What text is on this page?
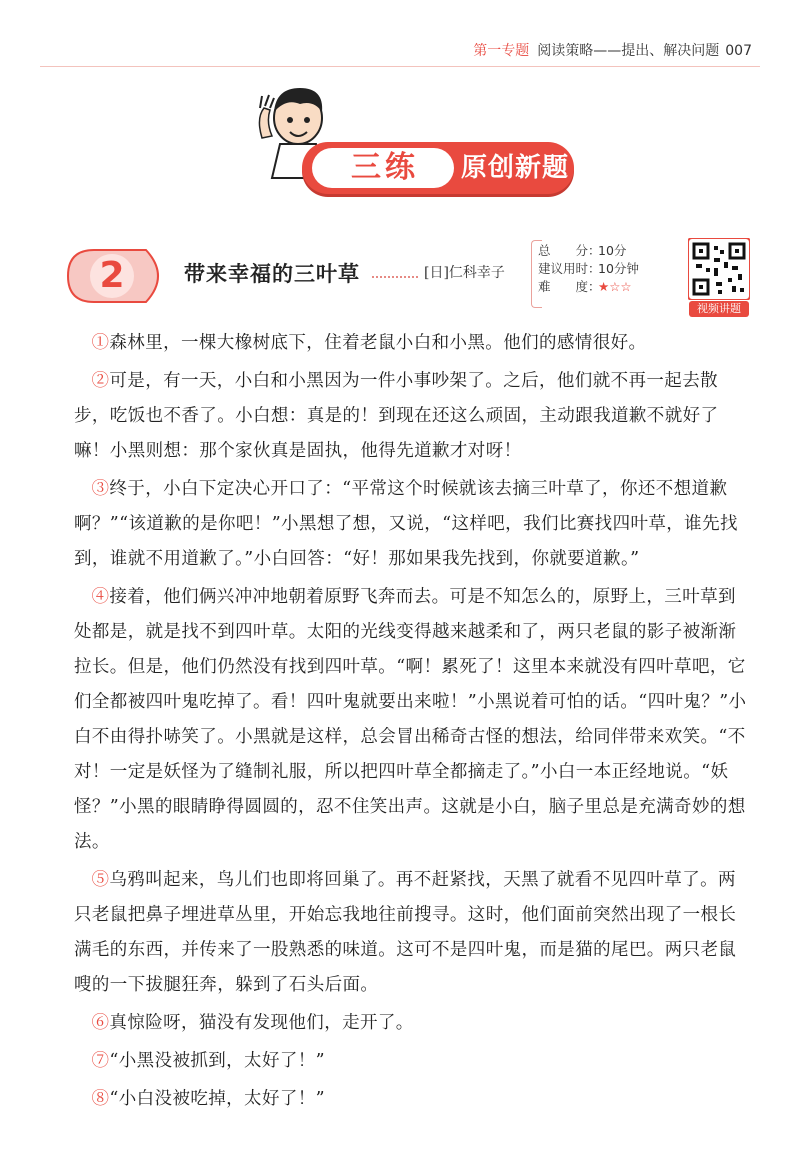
第一专题 阅读策略——提出、解决问题 007
三练	原创新题
2	带来幸福的三叶草	[日]仁科幸子
总　　分：10分
建议用时：10分钟
难　　度：★☆☆
视频讲题

①森林里，一棵大橡树底下，住着老鼠小白和小黑。他们的感情很好。

②可是，有一天，小白和小黑因为一件小事吵架了。之后，他们就不再一起去散步，吃饭也不香了。小白想：真是的！到现在还这么顽固，主动跟我道歉不就好了嘛！小黑则想：那个家伙真是固执，他得先道歉才对呀！

③终于，小白下定决心开口了：“平常这个时候就该去摘三叶草了，你还不想道歉啊？”“该道歉的是你吧！”小黑想了想，又说，“这样吧，我们比赛找四叶草，谁先找到，谁就不用道歉了。”小白回答：“好！那如果我先找到，你就要道歉。”

④接着，他们俩兴冲冲地朝着原野飞奔而去。可是不知怎么的，原野上，三叶草到处都是，就是找不到四叶草。太阳的光线变得越来越柔和了，两只老鼠的影子被渐渐拉长。但是，他们仍然没有找到四叶草。“啊！累死了！这里本来就没有四叶草吧，它们全都被四叶鬼吃掉了。看！四叶鬼就要出来啦！”小黑说着可怕的话。“四叶鬼？”小白不由得扑哧笑了。小黑就是这样，总会冒出稀奇古怪的想法，给同伴带来欢笑。“不对！一定是妖怪为了缝制礼服，所以把四叶草全都摘走了。”小白一本正经地说。“妖怪？”小黑的眼睛睁得圆圆的，忍不住笑出声。这就是小白，脑子里总是充满奇妙的想法。

⑤乌鸦叫起来，鸟儿们也即将回巢了。再不赶紧找，天黑了就看不见四叶草了。两只老鼠把鼻子埋进草丛里，开始忘我地往前搜寻。这时，他们面前突然出现了一根长满毛的东西，并传来了一股熟悉的味道。这可不是四叶鬼，而是猫的尾巴。两只老鼠嗖的一下拔腿狂奔，躲到了石头后面。

⑥真惊险呀，猫没有发现他们，走开了。

⑦“小黑没被抓到，太好了！”

⑧“小白没被吃掉，太好了！”
